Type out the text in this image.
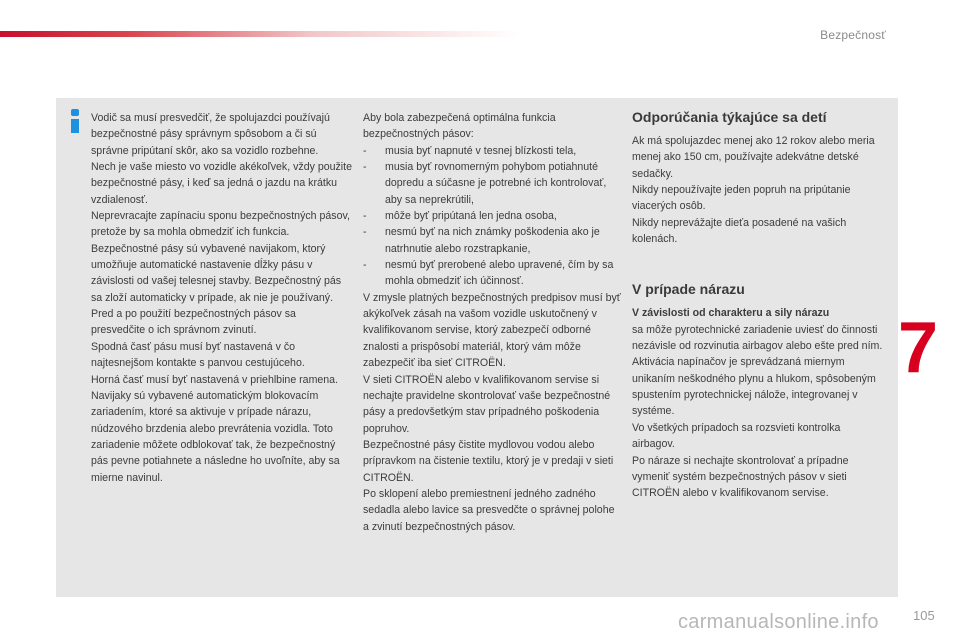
Bezpečnosť
7
Vodič sa musí presvedčiť, že spolujazdci používajú bezpečnostné pásy správnym spôsobom a či sú správne pripútaní skôr, ako sa vozidlo rozbehne.
Nech je vaše miesto vo vozidle akékoľvek, vždy použite bezpečnostné pásy, i keď sa jedná o jazdu na krátku vzdialenosť.
Neprevracajte zapínaciu sponu bezpečnostných pásov, pretože by sa mohla obmedziť ich funkcia.
Bezpečnostné pásy sú vybavené navijakom, ktorý umožňuje automatické nastavenie dĺžky pásu v závislosti od vašej telesnej stavby. Bezpečnostný pás sa zloží automaticky v prípade, ak nie je používaný.
Pred a po použití bezpečnostných pásov sa presvedčite o ich správnom zvinutí.
Spodná časť pásu musí byť nastavená v čo najtesnejšom kontakte s panvou cestujúceho.
Horná časť musí byť nastavená v priehlbine ramena.
Navijaky sú vybavené automatickým blokovacím zariadením, ktoré sa aktivuje v prípade nárazu, núdzového brzdenia alebo prevrátenia vozidla. Toto zariadenie môžete odblokovať tak, že bezpečnostný pás pevne potiahnete a následne ho uvoľníte, aby sa mierne navinul.
Aby bola zabezpečená optimálna funkcia bezpečnostných pásov:
- musia byť napnuté v tesnej blízkosti tela,
- musia byť rovnomerným pohybom potiahnuté dopredu a súčasne je potrebné ich kontrolovať, aby sa neprekrútili,
- môže byť pripútaná len jedna osoba,
- nesmú byť na nich známky poškodenia ako je natrhnutie alebo rozstrapkanie,
- nesmú byť prerobené alebo upravené, čím by sa mohla obmedziť ich účinnosť.
V zmysle platných bezpečnostných predpisov musí byť akýkoľvek zásah na vašom vozidle uskutočnený v kvalifikovanom servise, ktorý zabezpečí odborné znalosti a prispôsobí materiál, ktorý vám môže zabezpečiť iba sieť CITROËN.
V sieti CITROËN alebo v kvalifikovanom servise si nechajte pravidelne skontrolovať vaše bezpečnostné pásy a predovšetkým stav prípadného poškodenia popruhov.
Bezpečnostné pásy čistite mydlovou vodou alebo prípravkom na čistenie textilu, ktorý je v predaji v sieti CITROËN.
Po sklopení alebo premiestnení jedného zadného sedadla alebo lavice sa presvedčte o správnej polohe a zvinutí bezpečnostných pásov.
Odporúčania týkajúce sa detí
Ak má spolujazdec menej ako 12 rokov alebo meria menej ako 150 cm, používajte adekvátne detské sedačky.
Nikdy nepoužívajte jeden popruh na pripútanie viacerých osôb.
Nikdy neprevážajte dieťa posadené na vašich kolenách.
V prípade nárazu
V závislosti od charakteru a sily nárazu
sa môže pyrotechnické zariadenie uviesť do činnosti nezávisle od rozvinutia airbagov alebo ešte pred ním. Aktivácia napínačov je sprevádzaná miernym unikaním neškodného plynu a hlukom, spôsobeným spustením pyrotechnickej nálože, integrovanej v systéme.
Vo všetkých prípadoch sa rozsvieti kontrolka airbagov.
Po náraze si nechajte skontrolovať a prípadne vymeniť systém bezpečnostných pásov v sieti CITROËN alebo v kvalifikovanom servise.
carmanualsonline.info	105
